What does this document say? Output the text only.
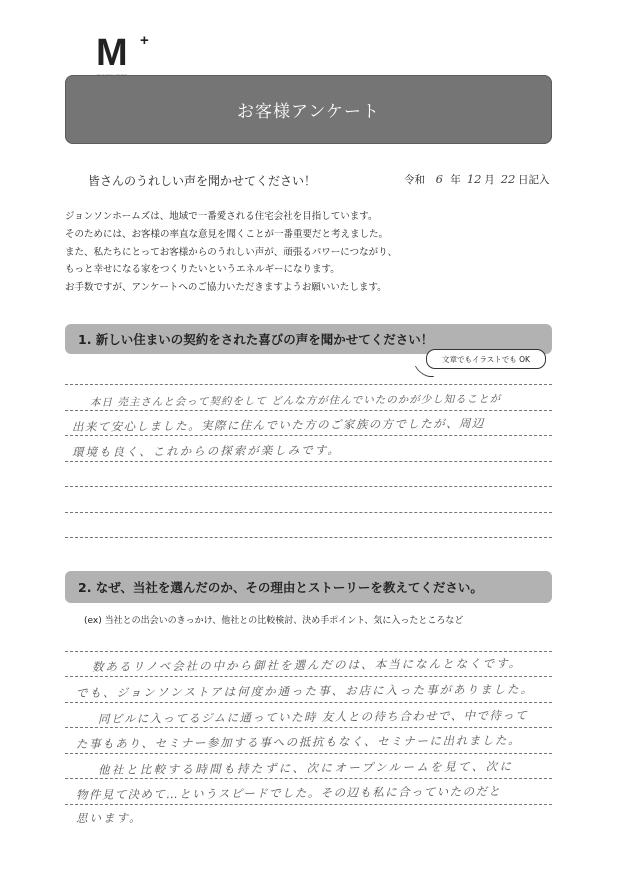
M +
お客様アンケート
皆さんのうれしい声を聞かせてください！	令和 6 年 12 月 22 日記入
ジョンソンホームズは、地域で一番愛される住宅会社を目指しています。
そのためには、お客様の率直な意見を聞くことが一番重要だと考えました。
また、私たちにとってお客様からのうれしい声が、頑張るパワーにつながり、
もっと幸せになる家をつくりたいというエネルギーになります。
お手数ですが、アンケートへのご協力いただきますようお願いいたします。
1. 新しい住まいの契約をされた喜びの声を聞かせてください！
文章でもイラストでも OK
本日 売主さんと会って契約をして どんな方が住んでいたのかが少し知ることが
出来て安心しました。実際に住んでいた方のご家族の方でしたが、周辺
環境も良く、これからの探索が楽しみです。
2. なぜ、当社を選んだのか、その理由とストーリーを教えてください。
(ex) 当社との出会いのきっかけ、他社との比較検討、決め手ポイント、気に入ったところなど
数あるリノベ会社の中から御社を選んだのは、本当になんとなくです。
でも、ジョンソンストアは何度か通った事、お店に入った事がありました。
同ビルに入ってるジムに通っていた時 友人との待ち合わせで、中で待って
た事もあり、セミナー参加する事への抵抗もなく、セミナーに出れました。
他社と比較する時間も持たずに、次にオープンルームを見て、次に
物件見て決めて…というスピードでした。その辺も私に合っていたのだと
思います。
